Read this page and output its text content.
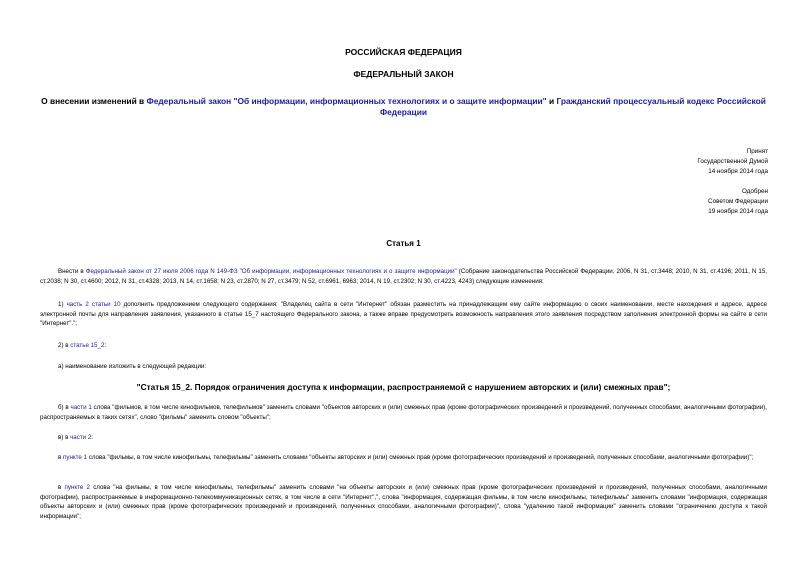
РОССИЙСКАЯ ФЕДЕРАЦИЯ
ФЕДЕРАЛЬНЫЙ ЗАКОН
О внесении изменений в Федеральный закон "Об информации, информационных технологиях и о защите информации" и Гражданский процессуальный кодекс Российской Федерации
Принят
Государственной Думой
14 ноября 2014 года
Одобрен
Советом Федерации
19 ноября 2014 года
Статья 1
Внести в Федеральный закон от 27 июля 2006 года N 149-ФЗ "Об информации, информационных технологиях и о защите информации" (Собрание законодательства Российской Федерации, 2006, N 31, ст.3448; 2010, N 31, ст.4196; 2011, N 15, ст.2038; N 30, ст.4600; 2012, N 31, ст.4328; 2013, N 14, ст.1658; N 23, ст.2870; N 27, ст.3479; N 52, ст.6961, 6963; 2014, N 19, ст.2302; N 30, ст.4223, 4243) следующие изменения:
1) часть 2 статьи 10 дополнить предложением следующего содержания: "Владелец сайта в сети "Интернет" обязан разместить на принадлежащем ему сайте информацию о своих наименовании, месте нахождения и адресе, адресе электронной почты для направления заявления, указанного в статье 15_7 настоящего Федерального закона, а также вправе предусмотреть возможность направления этого заявления посредством заполнения электронной формы на сайте в сети "Интернет".";
2) в статье 15_2:
а) наименование изложить в следующей редакции:
"Статья 15_2. Порядок ограничения доступа к информации, распространяемой с нарушением авторских и (или) смежных прав";
б) в части 1 слова "фильмов, в том числе кинофильмов, телефильмов" заменить словами "объектов авторских и (или) смежных прав (кроме фотографических произведений и произведений, полученных способами, аналогичными фотографии), распространяемых в таких сетях", слово "фильмы" заменить словом "объекты";
в) в части 2:
в пункте 1 слова "фильмы, в том числе кинофильмы, телефильмы" заменить словами "объекты авторских и (или) смежных прав (кроме фотографических произведений и произведений, полученных способами, аналогичными фотографии)";
в пункте 2 слова "на фильмы, в том числе кинофильмы, телефильмы" заменить словами "на объекты авторских и (или) смежных прав (кроме фотографических произведений и произведений, полученных способами, аналогичными фотографии), распространяемые в информационно-телекоммуникационных сетях, в том числе в сети "Интернет",", слова "информация, содержащая фильмы, в том числе кинофильмы, телефильмы" заменить словами "информация, содержащая объекты авторских и (или) смежных прав (кроме фотографических произведений и произведений, полученных способами, аналогичными фотографии)", слова "удалению такой информации" заменить словами "ограничению доступа к такой информации";
